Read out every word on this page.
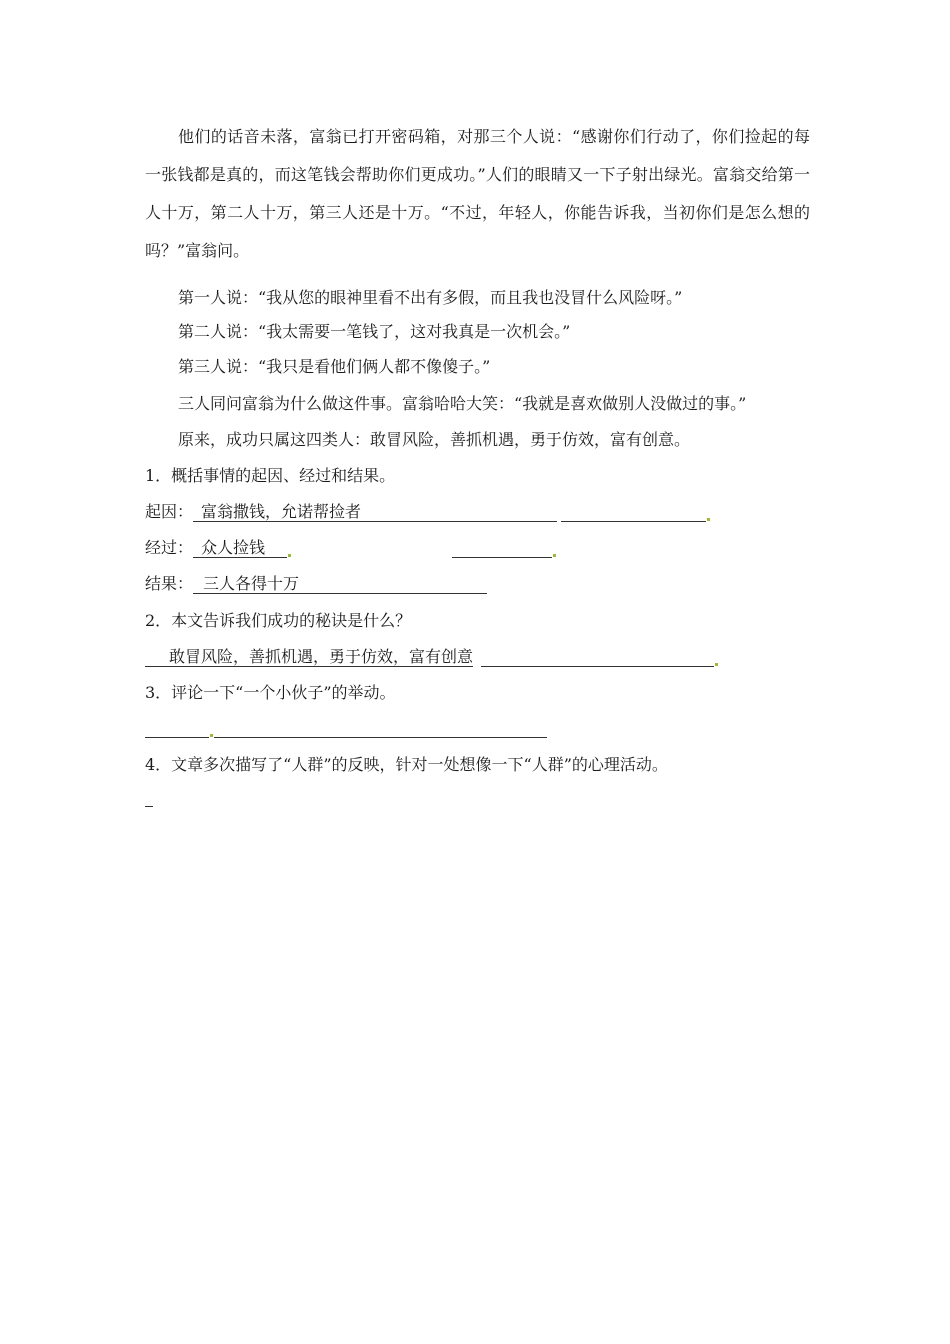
他们的话音未落，富翁已打开密码箱，对那三个人说：“感谢你们行动了，你们捡起的每一张钱都是真的，而这笔钱会帮助你们更成功。”人们的眼睛又一下子射出绿光。富翁交给第一人十万，第二人十万，第三人还是十万。“不过，年轻人，你能告诉我，当初你们是怎么想的吗？”富翁问。
第一人说：“我从您的眼神里看不出有多假，而且我也没冒什么风险呀。”
第二人说：“我太需要一笔钱了，这对我真是一次机会。”
第三人说：“我只是看他们俩人都不像傻子。”
三人同问富翁为什么做这件事。富翁哈哈大笑：“我就是喜欢做别人没做过的事。”
原来，成功只属这四类人：敢冒风险，善抓机遇，勇于仿效，富有创意。
1．概括事情的起因、经过和结果。
起因： 富翁撒钱，允诺帮捡者
经过： 众人捡钱
结果： 三人各得十万
2．本文告诉我们成功的秘诀是什么？
敢冒风险，善抓机遇，勇于仿效，富有创意
3．评论一下“一个小伙子”的举动。
4．文章多次描写了“人群”的反映，针对一处想像一下“人群”的心理活动。
